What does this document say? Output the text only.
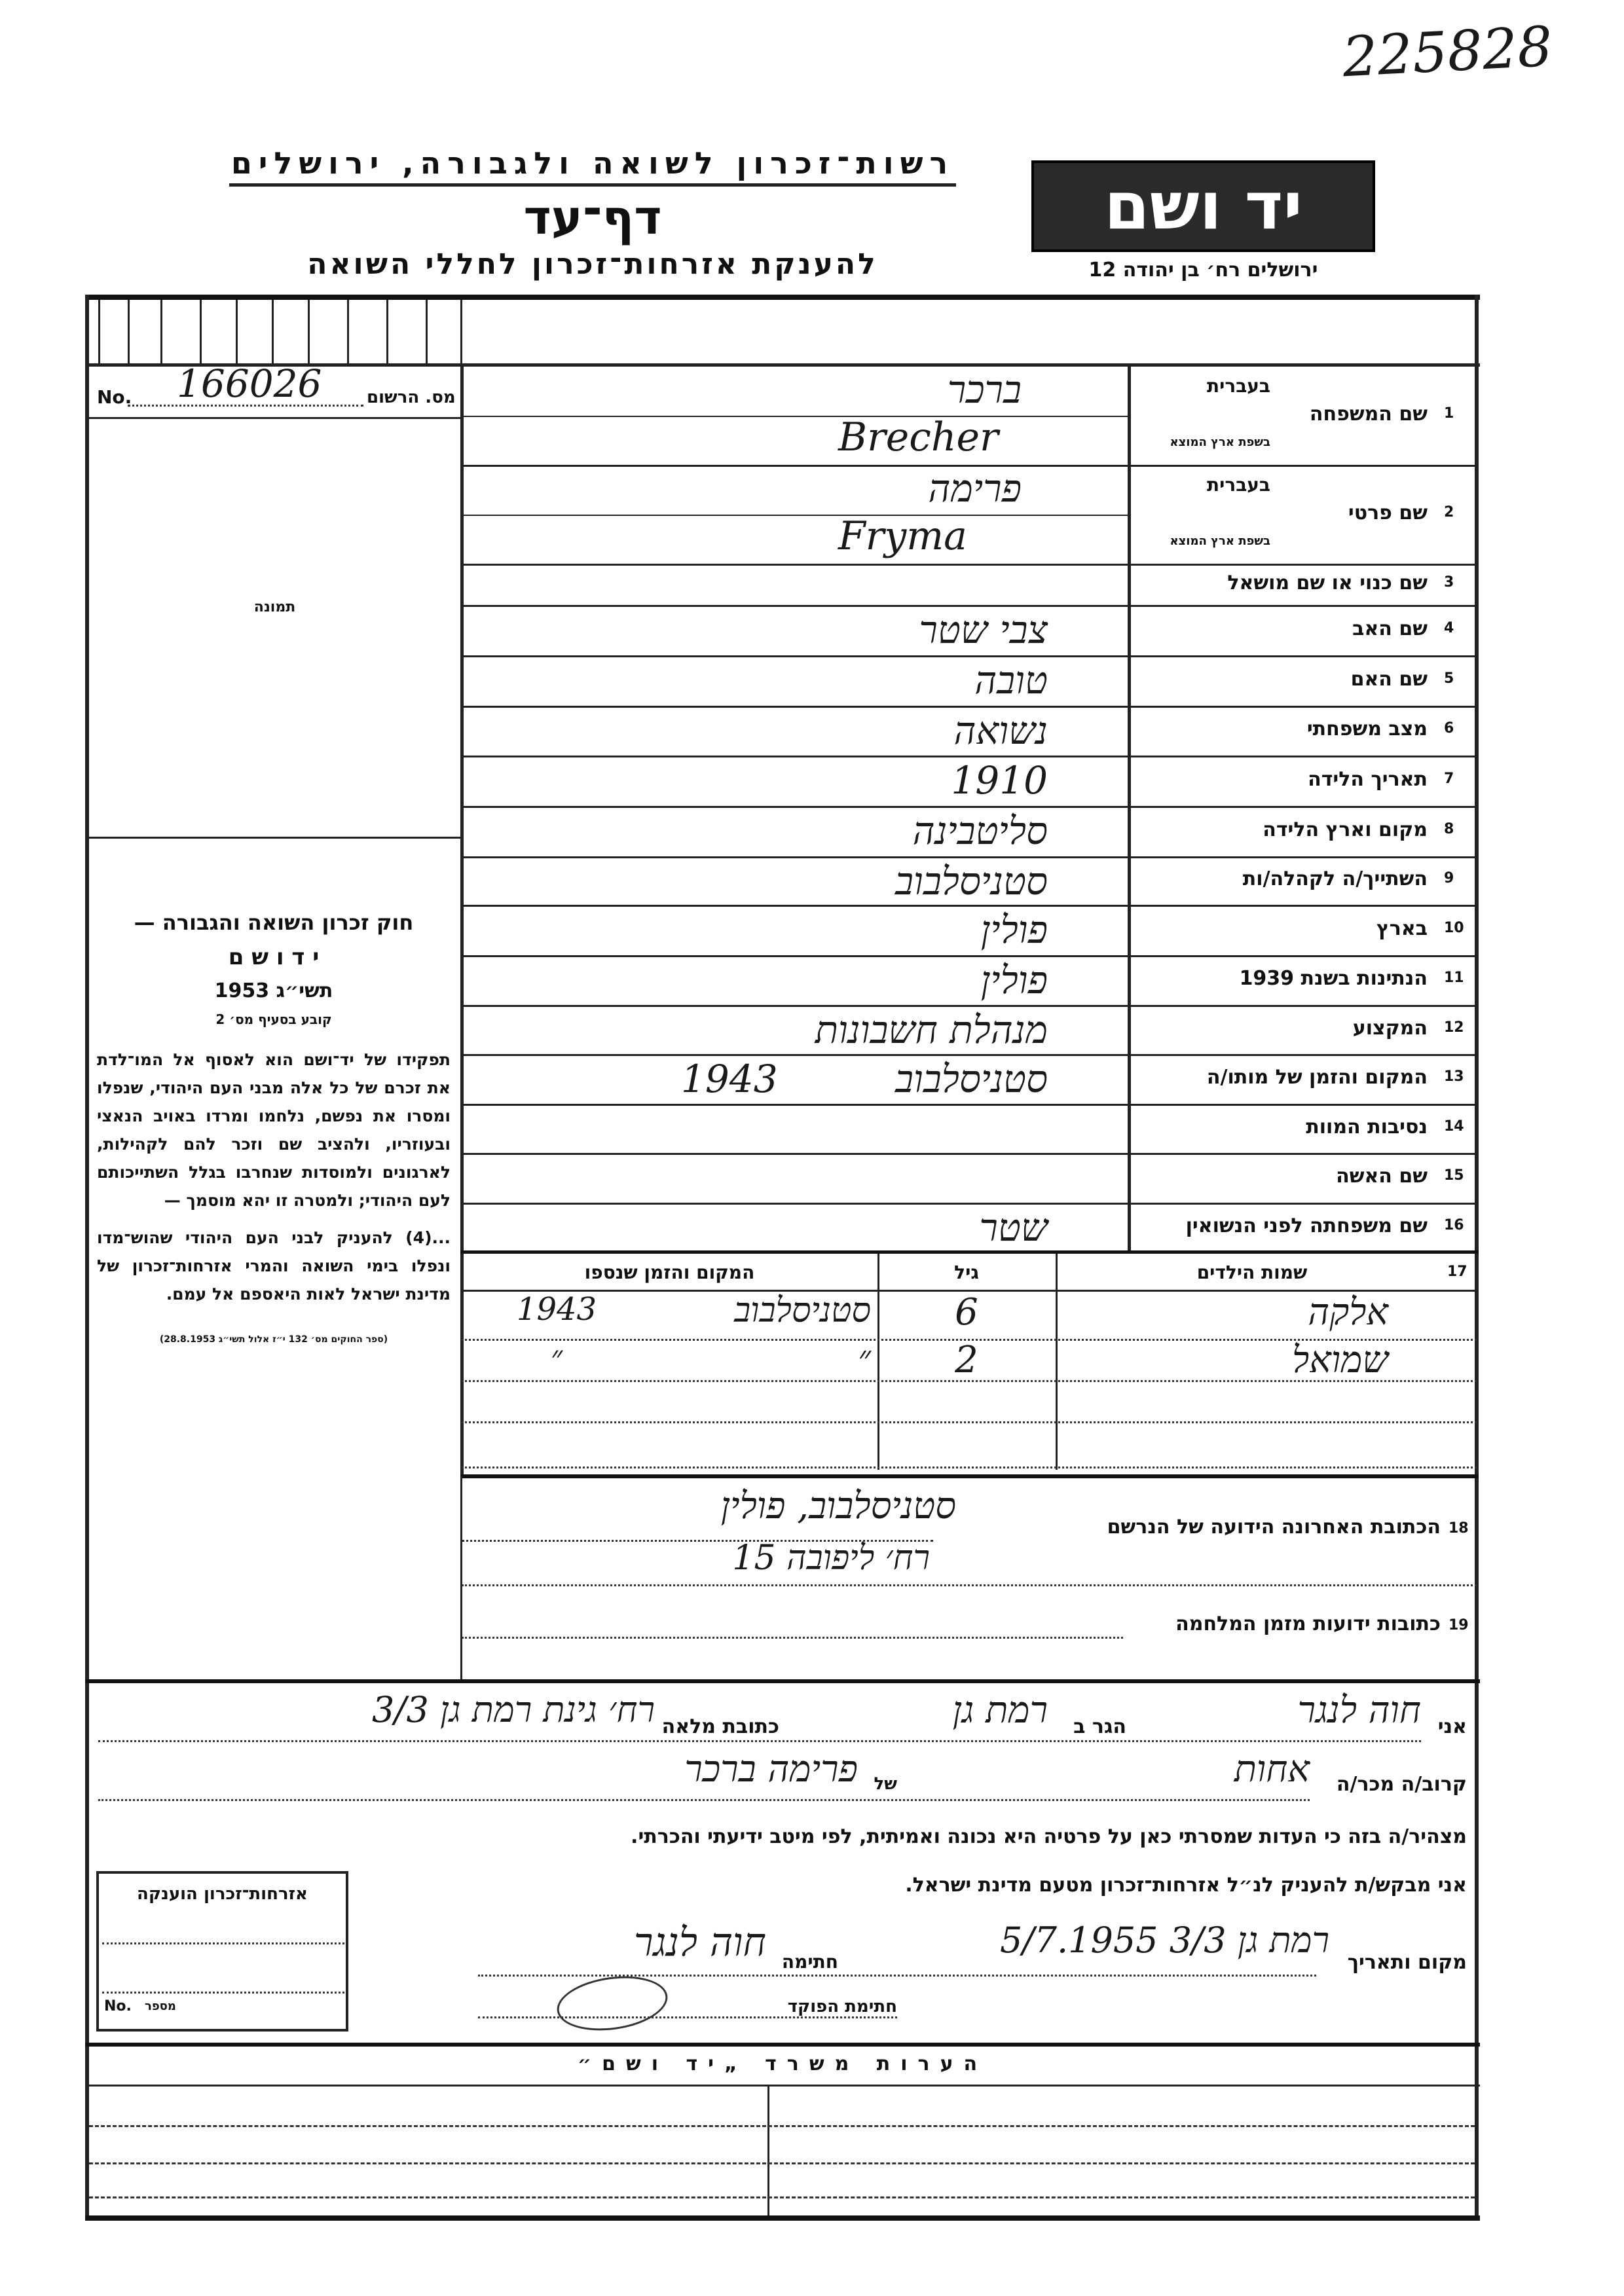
225828
רשות־זכרון לשואה ולגבורה, ירושלים
דף־עד
להענקת אזרחות־זכרון לחללי השואה
יד ושם
ירושלים רח׳ בן יהודה 12
No. 166026	מס. הרשום
תמונה
חוק זכרון השואה והגבורה —
י ד ו ש ם
תשי״ג 1953
קובע בסעיף מס׳ 2
תפקידו של יד־ושם הוא לאסוף אל המו־לדת את זכרם של כל אלה מבני העם היהודי, שנפלו ומסרו את נפשם, נלחמו ומרדו באויב הנאצי ובעוזריו, ולהציב שם וזכר להם לקהילות, לארגונים ולמוסדות שנחרבו בגלל השתייכותם לעם היהודי; ולמטרה זו יהא מוסמך —
...(4) להעניק לבני העם היהודי שהוש־מדו ונפלו בימי השואה והמרי אזרחות־זכרון של מדינת ישראל לאות היאספם אל עמם.
(ספר החוקים מס׳ 132 י״ז אלול תשי״ג 28.8.1953)
1
שם המשפחה
בעברית
בשפת ארץ המוצא
ברכר
Brecher
2
שם פרטי
בעברית
בשפת ארץ המוצא
פרימה
Fryma
3
שם כנוי או שם מושאל
4
שם האב
צבי שטר
5
שם האם
טובה
6
מצב משפחתי
נשואה
7
תאריך הלידה
1910
8
מקום וארץ הלידה
סליטבינה
9
השתייך/ה לקהלה/ות
סטניסלבוב
10
בארץ
פולין
11
הנתינות בשנת 1939
פולין
12
המקצוע
מנהלת חשבונות
13
המקום והזמן של מותו/ה
סטניסלבוב
1943
14
נסיבות המוות
15
שם האשה
16
שם משפחתה לפני הנשואין
שטר
17
שמות הילדים
גיל
המקום והזמן שנספו
אלקה
6
סטניסלבוב
1943
שמואל
2
״
״
18
הכתובת האחרונה הידועה של הנרשם
סטניסלבוב, פולין
רח׳ ליפובה 15
19
כתובות ידועות מזמן המלחמה
אני
חוה לנגר
הגר ב
רמת גן
כתובת מלאה
רח׳ גינת רמת גן 3/3
קרוב/ה מכר/ה
אחות
של
פרימה ברכר
מצהיר/ה בזה כי העדות שמסרתי כאן על פרטיה היא נכונה ואמיתית, לפי מיטב ידיעתי והכרתי.
אני מבקש/ת להעניק לנ״ל אזרחות־זכרון מטעם מדינת ישראל.
מקום ותאריך
רמת גן 3/3 5/7.1955
חתימה
חוה לנגר
חתימת הפוקד
אזרחות־זכרון הוענקה
No. מספר
הערות משרד „יד ושם״
